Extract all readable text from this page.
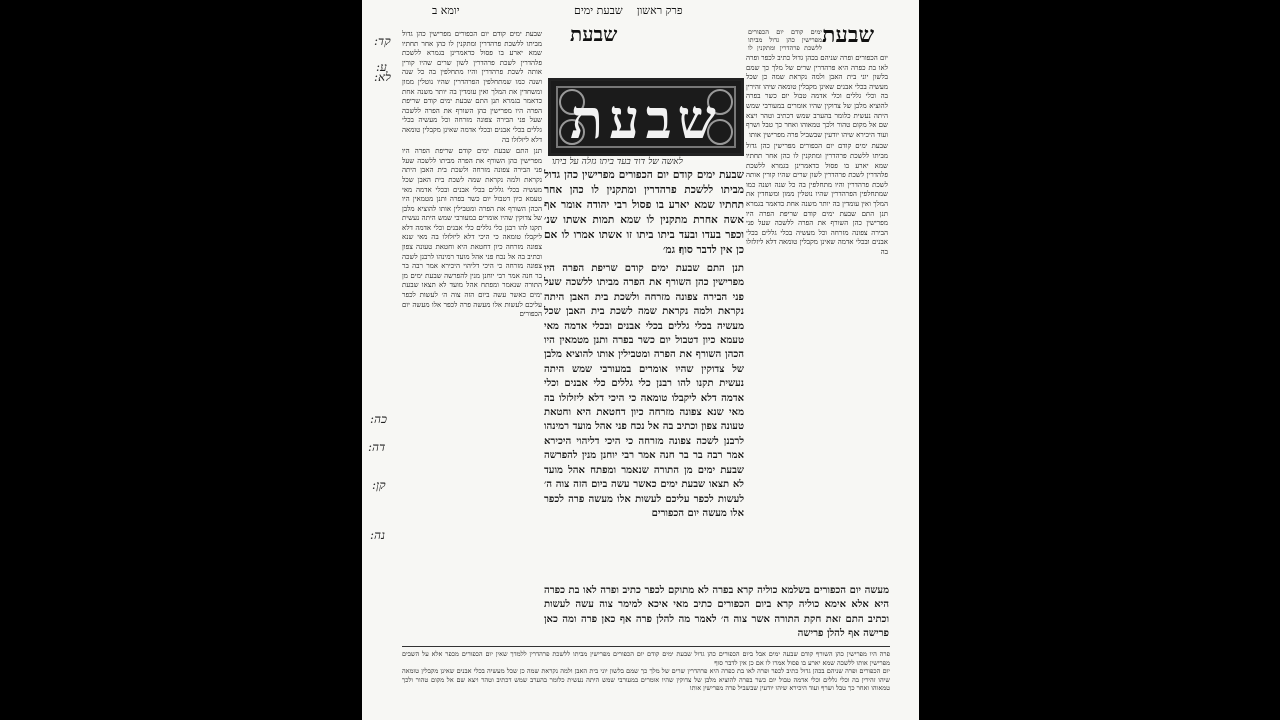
יומא ב	פרק ראשון    שבעת ימים
שבעת	שבעת

ימים קודם יום הכפורים מפרישין כהן גדול מביתו ללשכת פרהדרין ומתקנין לו

שבעת
לאשה של דוד בעד ביתו גזלה על ביתו

שבעת ימים קודם יום הכפורים מפרישין כהן גדול מביתו ללשכת פרהדרין ומתקנין לו כהן אחר תחתיו שמא יארע בו פסול כדאמרינן בגמרא ללשכת פלהדרין לשכת פרהדרין לשון שרים שהיו קורין אותה לשכת פרהדרין והיו מתחלפין בה כל שנה ושנה כמו שמתחלפין הפרהדרין שהיו נוטלין ממון ומשחדין את המלך ואין עומדין בה יותר משנה אחת כדאמר בגמרא תנן התם שבעת ימים קודם שריפת הפרה היו מפרישין כהן השורף את הפרה ללשכה שעל פני הבירה צפונה מזרחה וכל מעשיה בכלי גללים בכלי אבנים ובכלי אדמה שאינן מקבלין טומאה דלא ליזלזלו בה

תנן התם שבעת ימים קודם שריפת הפרה היו מפרישין כהן השורף את הפרה מביתו ללשכה שעל פני הבירה צפונה מזרחה ולשכת בית האבן היתה נקראת ולמה נקראת שמה לשכת בית האבן שכל מעשיה בכלי גללים בכלי אבנים ובכלי אדמה מאי טעמא כיון דטבול יום כשר בפרה ותנן מטמאין היו הכהן השורף את הפרה ומטבילין אותו להוציא מלבן של צדוקין שהיו אומרים במעורבי שמש היתה נעשית תקנו להו רבנן כלי גללים כלי אבנים וכלי אדמה דלא ליקבלו טומאה כי היכי דלא ליזלזלו בה מאי שנא צפונה מזרחה כיון דחטאת היא וחטאת טעונה צפון וכתיב בה אל נכח פני אהל מועד רמינהו לרבנן לשכה צפונה מזרחה כי היכי דליהוי היכירא אמר רבה בר בר חנה אמר רבי יוחנן מנין להפרשה שבעת ימים מן התורה שנאמר ומפתח אהל מועד לא תצאו שבעת ימים כאשר עשה ביום הזה צוה ה׳ לעשות לכפר עליכם לעשות אלו מעשה פרה לכפר אלו מעשה יום הכפורים

יום הכפורים ופרה שניהם בכהן גדול כתיב לכפר ופרה לאו בת כפרה היא פרהדרין שרים של מלך כך שמם בלשון יוני בית האבן ולמה נקראת שמה כן שכל מעשיה בכלי אבנים שאינן מקבלין טומאה שיהו זהירין בה וכלי גללים וכלי אדמה טבול יום כשר בפרה להוציא מלבן של צדוקין שהיו אומרים במעורבי שמש היתה נעשית כלומר בהערב שמש דכתיב וטהר ויצא שם אל מקום טהור ולכך טמאוהו ואחר כך טבל ושרף ועוד היכירא שיהו יודעין שבשביל פרה מפרישין אותו

שבעת ימים קודם יום הכפורים מפרישין כהן גדול מביתו ללשכת פרהדרין ומתקנין לו כהן אחר תחתיו שמא יארע בו פסול כדאמרינן בגמרא ללשכת פלהדרין לשכת פרהדרין לשון שרים שהיו קורין אותה לשכת פרהדרין והיו מתחלפין בה כל שנה ושנה כמו שמתחלפין הפרהדרין שהיו נוטלין ממון ומשחדין את המלך ואין עומדין בה יותר משנה אחת כדאמר בגמרא תנן התם שבעת ימים קודם שריפת הפרה היו מפרישין כהן השורף את הפרה ללשכה שעל פני הבירה צפונה מזרחה וכל מעשיה בכלי גללים בכלי אבנים ובכלי אדמה שאינן מקבלין טומאה דלא ליזלזלו בה

שבעת ימים קודם יום הכפורים מפרישין כהן גדול מביתו ללשכת פרהדרין ומתקנין לו כהן אחר תחתיו שמא יארע בו פסול רבי יהודה אומר אף אשה אחרת מתקנין לו שמא תמות אשתו שנ׳ וכפר בעדו ובעד ביתו ביתו זו אשתו אמרו לו אם כן אין לדבר סוף׃ גמ׳

תנן התם שבעת ימים קודם שריפת הפרה היו מפרישין כהן השורף את הפרה מביתו ללשכה שעל פני הבירה צפונה מזרחה ולשכת בית האבן היתה נקראת ולמה נקראת שמה לשכת בית האבן שכל מעשיה בכלי גללים בכלי אבנים ובכלי אדמה מאי טעמא כיון דטבול יום כשר בפרה ותנן מטמאין היו הכהן השורף את הפרה ומטבילין אותו להוציא מלבן של צדוקין שהיו אומרים במעורבי שמש היתה נעשית תקנו להו רבנן כלי גללים כלי אבנים וכלי אדמה דלא ליקבלו טומאה כי היכי דלא ליזלזלו בה מאי שנא צפונה מזרחה כיון דחטאת היא וחטאת טעונה צפון וכתיב בה אל נכח פני אהל מועד רמינהו לרבנן לשכה צפונה מזרחה כי היכי דליהוי היכירא אמר רבה בר בר חנה אמר רבי יוחנן מנין להפרשה שבעת ימים מן התורה שנאמר ומפתח אהל מועד לא תצאו שבעת ימים כאשר עשה ביום הזה צוה ה׳ לעשות לכפר עליכם לעשות אלו מעשה פרה לכפר אלו מעשה יום הכפורים

מעשה יום הכפורים בשלמא כוליה קרא בפרה לא מתוקם לכפר כתיב ופרה לאו בת כפרה היא אלא אימא כוליה קרא ביום הכפורים כתיב מאי איכא למימר צוה עשה לעשות וכתיב התם זאת חקת התורה אשר צוה ה׳ לאמר מה להלן פרה אף כאן פרה ומה כאן פרישה אף להלן פרישה

פרה היו מפרישין כהן השורף קודם שבעה ימים אבל ביום הכפורים כהן גדול שבעת ימים קודם יום הכפורים מפרישין מביתו ללשכת פרהדרין ללמדך שאין יום הכפורים מכפר אלא על השבים מפרישין אותו ללשכה שמא יארע בו פסול אמרו לו אם כן אין לדבר סוף

יום הכפורים ופרה שניהם בכהן גדול כתיב לכפר ופרה לאו בת כפרה היא פרהדרין שרים של מלך כך שמם בלשון יוני בית האבן ולמה נקראת שמה כן שכל מעשיה בכלי אבנים שאינן מקבלין טומאה שיהו זהירין בה וכלי גללים וכלי אדמה טבול יום כשר בפרה להוציא מלבן של צדוקין שהיו אומרים במעורבי שמש היתה נעשית כלומר בהערב שמש דכתיב וטהר ויצא שם אל מקום טהור ולכך טמאוהו ואחר כך טבל ושרף ועוד היכירא שיהו יודעין שבשביל פרה מפרישין אותו

קד:
ע:
לא:
כה:
דה:
קן:
נה:
